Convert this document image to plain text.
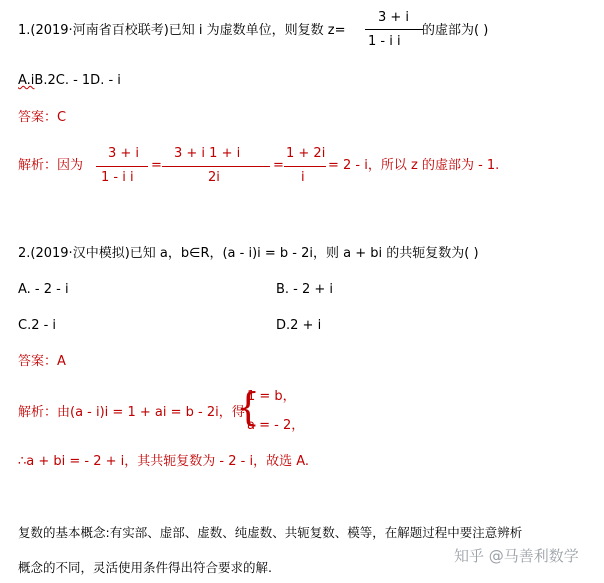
1.(2019·河南省百校联考)已知 i 为虚数单位，则复数 z=
3 + i
1 - i i
的虚部为( )
A.iB.2C. - 1D. - i
答案：C
解析：因为
3 + i
1 - i i
=
3 + i 1 + i
2i
=
1 + 2i
i
= 2 - i，所以 z 的虚部为 - 1.
2.(2019·汉中模拟)已知 a，b∈R，(a - i)i = b - 2i，则 a + bi 的共轭复数为( )
A. - 2 - i	B. - 2 + i
C.2 - i	D.2 + i
答案：A
解析：由(a - i)i = 1 + ai = b - 2i，得
{
1 = b，
a = - 2，
∴a + bi = - 2 + i，其共轭复数为 - 2 - i，故选 A.
复数的基本概念:有实部、虚部、虚数、纯虚数、共轭复数、模等，在解题过程中要注意辨析
概念的不同，灵活使用条件得出符合要求的解.
知乎 @马善利数学
